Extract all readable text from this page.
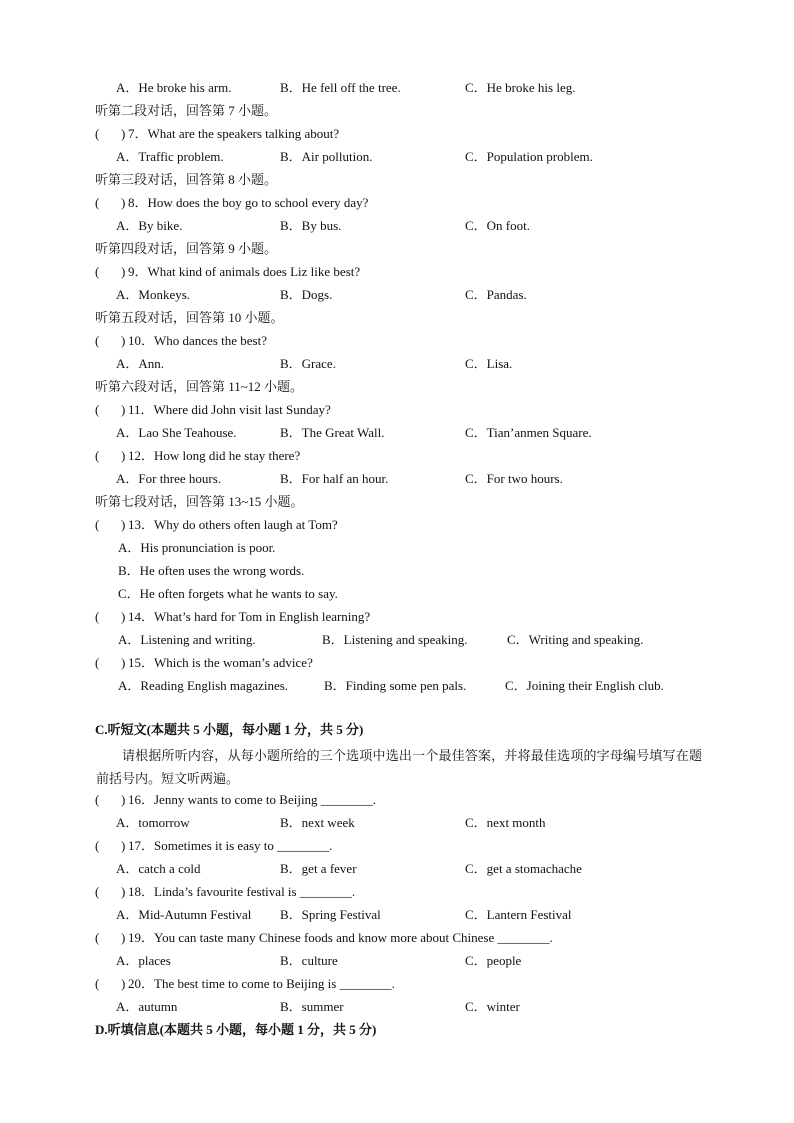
A．He broke his arm.	B．He fell off the tree.	C．He broke his leg.
听第二段对话，回答第 7 小题。
( ) 7．What are the speakers talking about?
A．Traffic problem.	B．Air pollution.	C．Population problem.
听第三段对话，回答第 8 小题。
( ) 8．How does the boy go to school every day?
A．By bike.	B．By bus.	C．On foot.
听第四段对话，回答第 9 小题。
( ) 9．What kind of animals does Liz like best?
A．Monkeys.	B．Dogs.	C．Pandas.
听第五段对话，回答第 10 小题。
( ) 10．Who dances the best?
A．Ann.	B．Grace.	C．Lisa.
听第六段对话，回答第 11~12 小题。
( ) 11．Where did John visit last Sunday?
A．Lao She Teahouse.	B．The Great Wall.	C．Tian’anmen Square.
( ) 12．How long did he stay there?
A．For three hours.	B．For half an hour.	C．For two hours.
听第七段对话，回答第 13~15 小题。
( ) 13．Why do others often laugh at Tom?
A．His pronunciation is poor.
B．He often uses the wrong words.
C．He often forgets what he wants to say.
( ) 14．What’s hard for Tom in English learning?
A．Listening and writing.	B．Listening and speaking.	C．Writing and speaking.
( ) 15．Which is the woman’s advice?
A．Reading English magazines.	B．Finding some pen pals.	C．Joining their English club.
C.听短文(本题共 5 小题，每小题 1 分，共 5 分)
请根据所听内容，从每小题所给的三个选项中选出一个最佳答案，并将最佳选项的字母编号填写在题前括号内。短文听两遍。
( ) 16．Jenny wants to come to Beijing ________.
A．tomorrow	B．next week	C．next month
( ) 17．Sometimes it is easy to ________.
A．catch a cold	B．get a fever	C．get a stomachache
( ) 18．Linda’s favourite festival is ________.
A．Mid-Autumn Festival B．Spring Festival	C．Lantern Festival
( ) 19．You can taste many Chinese foods and know more about Chinese ________.
A．places	B．culture	C．people
( ) 20．The best time to come to Beijing is ________.
A．autumn	B．summer	C．winter
D.听填信息(本题共 5 小题，每小题 1 分，共 5 分)
